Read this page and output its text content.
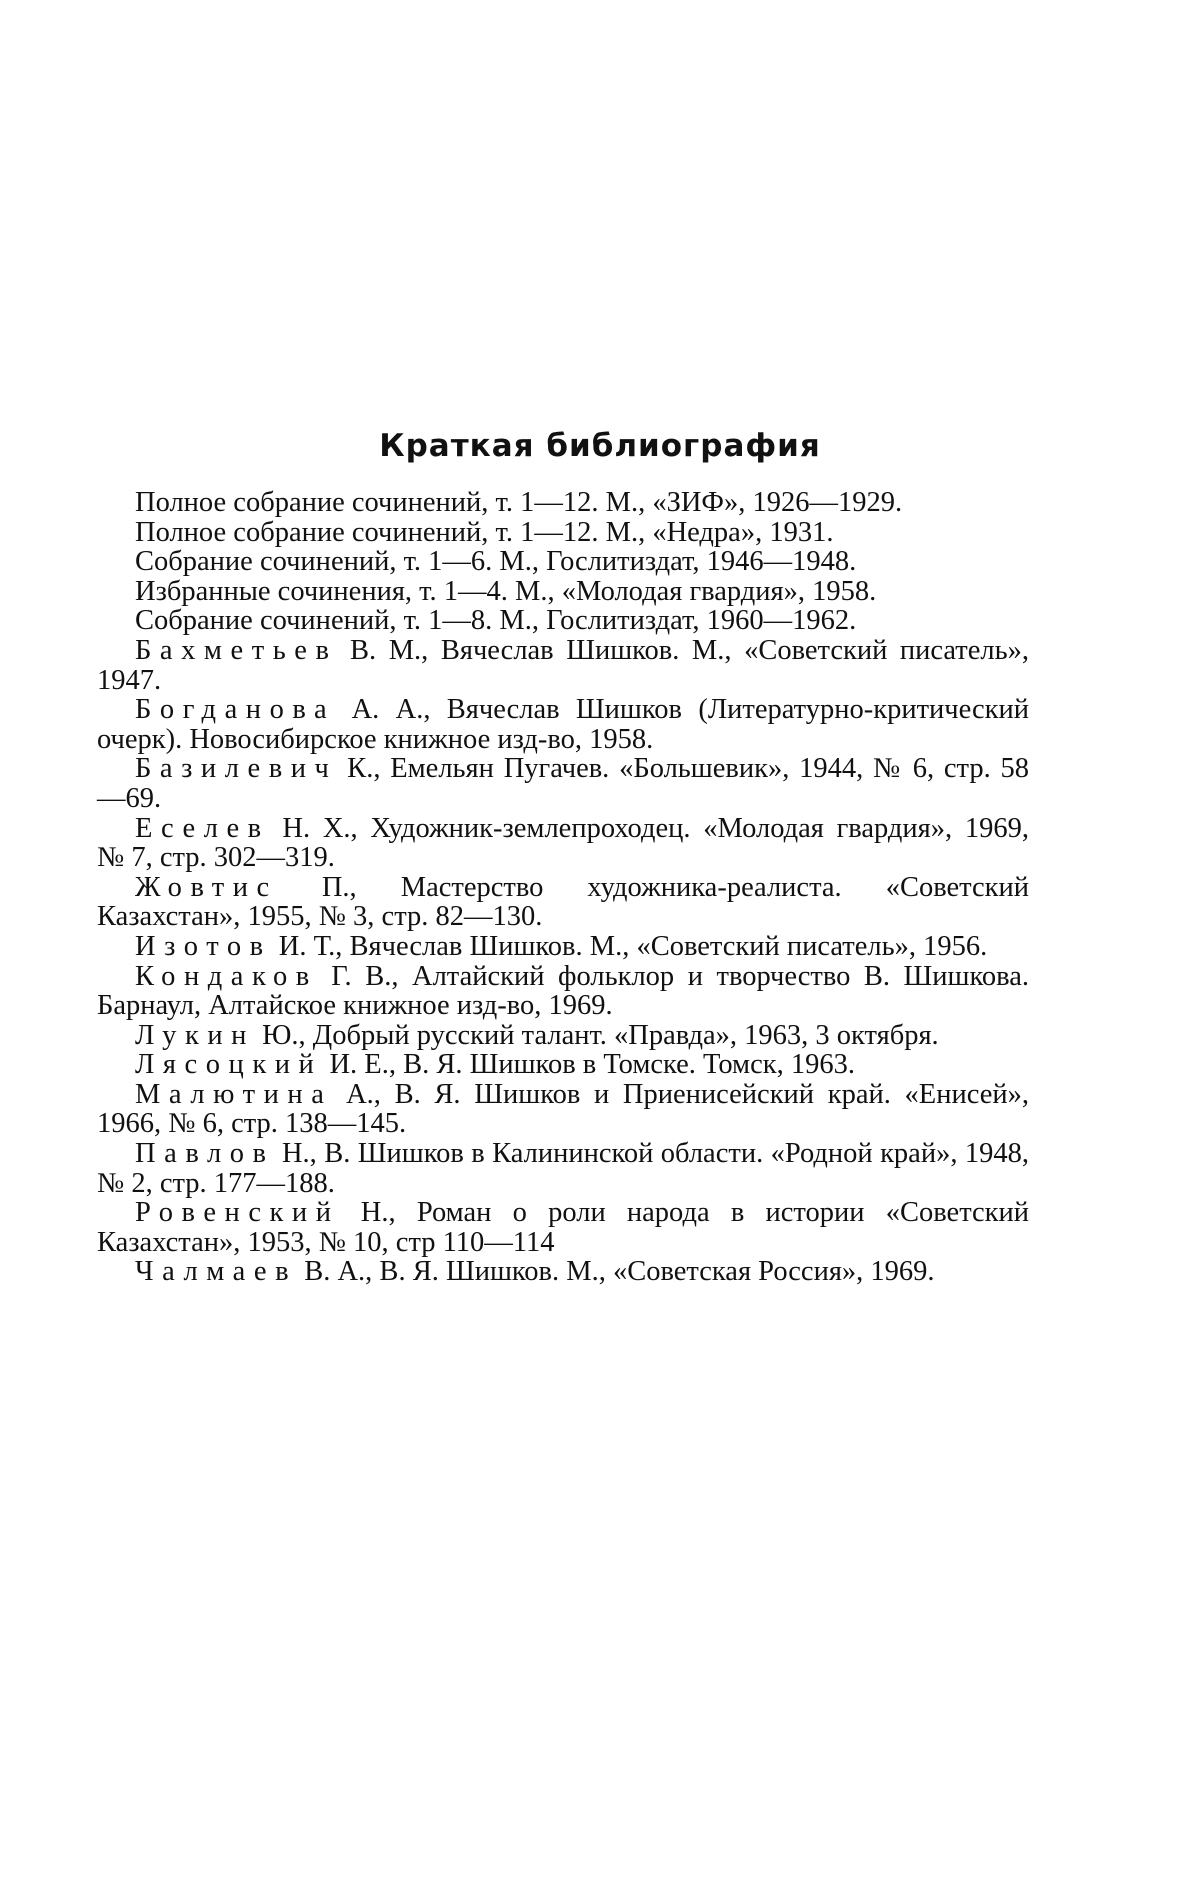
Краткая библиография

Полное собрание сочинений, т. 1—12. М., «ЗИФ», 1926—1929.

Полное собрание сочинений, т. 1—12. М., «Недра», 1931.

Собрание сочинений, т. 1—6. М., Гослитиздат, 1946—1948.

Избранные сочинения, т. 1—4. М., «Молодая гвардия», 1958.

Собрание сочинений, т. 1—8. М., Гослитиздат, 1960—1962.

Бахметьев В. М., Вячеслав Шишков. М., «Советский писатель», 1947.

Богданова А. А., Вячеслав Шишков (Литературно-критический очерк). Новосибирское книжное изд-во, 1958.

Базилевич К., Емельян Пугачев. «Большевик», 1944, № 6, стр. 58—69.

Еселев Н. Х., Художник-землепроходец. «Молодая гвардия», 1969, № 7, стр. 302—319.

Жовтис П., Мастерство художника-реалиста. «Советский Казахстан», 1955, № 3, стр. 82—130.

Изотов И. Т., Вячеслав Шишков. М., «Советский писатель», 1956.

Кондаков Г. В., Алтайский фольклор и творчество В. Шишкова. Барнаул, Алтайское книжное изд-во, 1969.

Лукин Ю., Добрый русский талант. «Правда», 1963, 3 октября.

Лясоцкий И. Е., В. Я. Шишков в Томске. Томск, 1963.

Малютина А., В. Я. Шишков и Приенисейский край. «Енисей», 1966, № 6, стр. 138—145.

Павлов Н., В. Шишков в Калининской области. «Родной край», 1948, № 2, стр. 177—188.

Ровенский Н., Роман о роли народа в истории «Советский Казахстан», 1953, № 10, стр 110—114

Чалмаев В. А., В. Я. Шишков. М., «Советская Россия», 1969.
